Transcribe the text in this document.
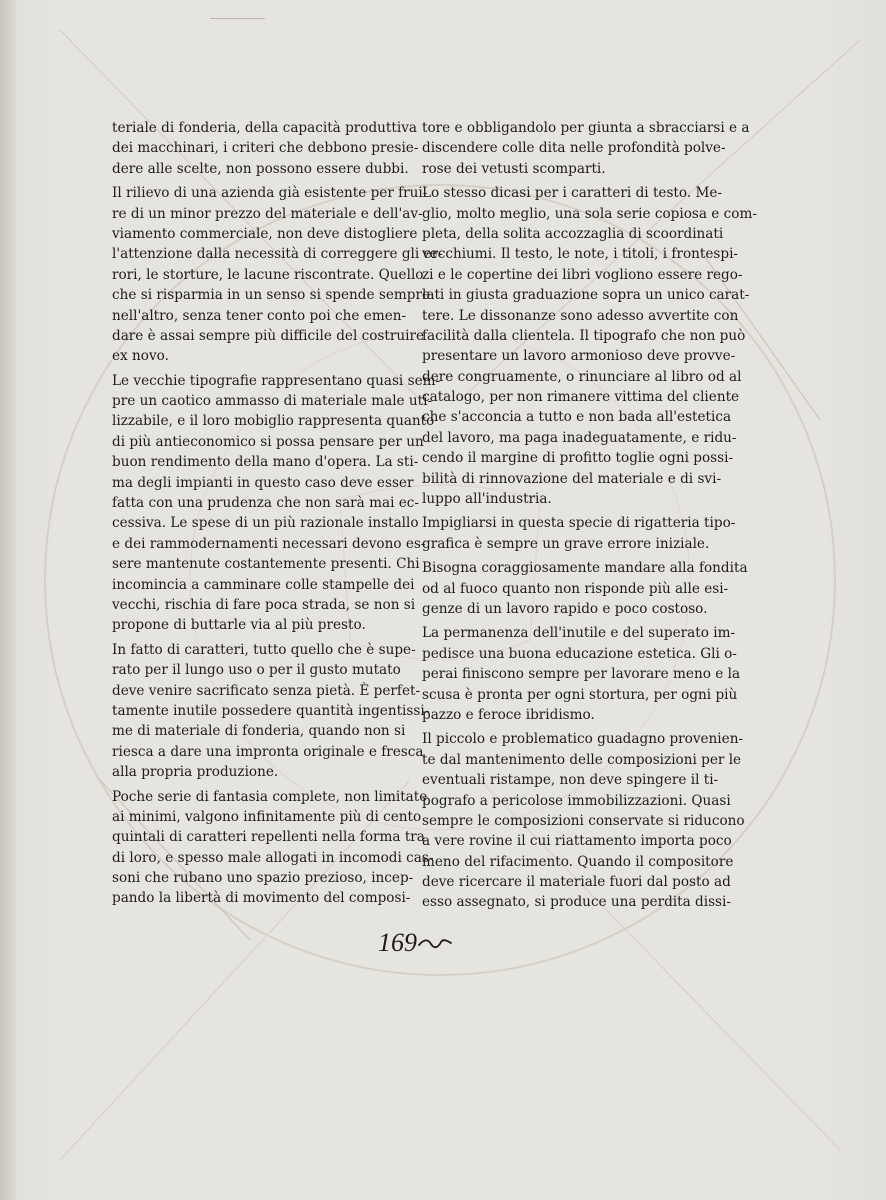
teriale di fonderia, della capacità produttiva
dei macchinari, i criteri che debbono presie-
dere alle scelte, non possono essere dubbi.
Il rilievo di una azienda già esistente per frui-
re di un minor prezzo del materiale e dell'av-
viamento commerciale, non deve distogliere
l'attenzione dalla necessità di correggere gli er-
rori, le storture, le lacune riscontrate. Quello
che si risparmia in un senso si spende sempre
nell'altro, senza tener conto poi che emen-
dare è assai sempre più difficile del costruire
ex novo.
Le vecchie tipografie rappresentano quasi sem-
pre un caotico ammasso di materiale male uti-
lizzabile, e il loro mobiglio rappresenta quanto
di più antieconomico si possa pensare per un
buon rendimento della mano d'opera. La sti-
ma degli impianti in questo caso deve esser
fatta con una prudenza che non sarà mai ec-
cessiva. Le spese di un più razionale installo
e dei rammodernamenti necessari devono es-
sere mantenute costantemente presenti. Chi
incomincia a camminare colle stampelle dei
vecchi, rischia di fare poca strada, se non si
propone di buttarle via al più presto.
In fatto di caratteri, tutto quello che è supe-
rato per il lungo uso o per il gusto mutato
deve venire sacrificato senza pietà. È perfet-
tamente inutile possedere quantità ingentissi-
me di materiale di fonderia, quando non si
riesca a dare una impronta originale e fresca
alla propria produzione.
Poche serie di fantasia complete, non limitate
ai minimi, valgono infinitamente più di cento
quintali di caratteri repellenti nella forma tra
di loro, e spesso male allogati in incomodi cas-
soni che rubano uno spazio prezioso, incep-
pando la libertà di movimento del composi-
tore e obbligandolo per giunta a sbracciarsi e a
discendere colle dita nelle profondità polve-
rose dei vetusti scomparti.
Lo stesso dicasi per i caratteri di testo. Me-
glio, molto meglio, una sola serie copiosa e com-
pleta, della solita accozzaglia di scoordinati
vecchiumi. Il testo, le note, i titoli, i frontespi-
zi e le copertine dei libri vogliono essere rego-
lati in giusta graduazione sopra un unico carat-
tere. Le dissonanze sono adesso avvertite con
facilità dalla clientela. Il tipografo che non può
presentare un lavoro armonioso deve provve-
dere congruamente, o rinunciare al libro od al
catalogo, per non rimanere vittima del cliente
che s'acconcia a tutto e non bada all'estetica
del lavoro, ma paga inadeguatamente, e ridu-
cendo il margine di profitto toglie ogni possi-
bilità di rinnovazione del materiale e di svi-
luppo all'industria.
Impigliarsi in questa specie di rigatteria tipo-
grafica è sempre un grave errore iniziale.
Bisogna coraggiosamente mandare alla fondita
od al fuoco quanto non risponde più alle esi-
genze di un lavoro rapido e poco costoso.
La permanenza dell'inutile e del superato im-
pedisce una buona educazione estetica. Gli o-
perai finiscono sempre per lavorare meno e la
scusa è pronta per ogni stortura, per ogni più
pazzo e feroce ibridismo.
Il piccolo e problematico guadagno provenien-
te dal mantenimento delle composizioni per le
eventuali ristampe, non deve spingere il ti-
pografo a pericolose immobilizzazioni. Quasi
sempre le composizioni conservate si riducono
a vere rovine il cui riattamento importa poco
meno del rifacimento. Quando il compositore
deve ricercare il materiale fuori dal posto ad
esso assegnato, si produce una perdita dissi-
169
